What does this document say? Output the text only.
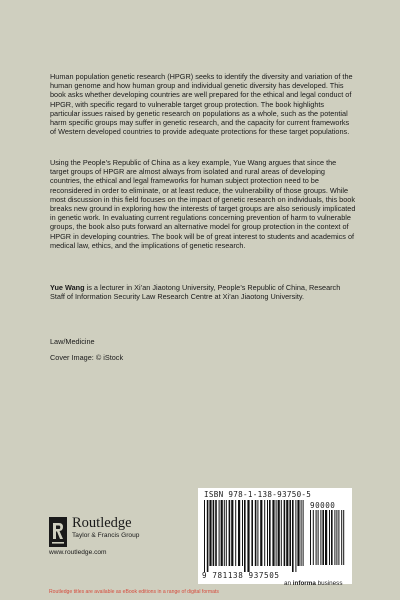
Human population genetic research (HPGR) seeks to identify the diversity and variation of the human genome and how human group and individual genetic diversity has developed. This book asks whether developing countries are well prepared for the ethical and legal conduct of HPGR, with specific regard to vulnerable target group protection. The book highlights particular issues raised by genetic research on populations as a whole, such as the potential harm specific groups may suffer in genetic research, and the capacity for current frameworks of Western developed countries to provide adequate protections for these target populations.

Using the People’s Republic of China as a key example, Yue Wang argues that since the target groups of HPGR are almost always from isolated and rural areas of developing countries, the ethical and legal frameworks for human subject protection need to be reconsidered in order to eliminate, or at least reduce, the vulnerability of those groups. While most discussion in this field focuses on the impact of genetic research on individuals, this book breaks new ground in exploring how the interests of target groups are also seriously implicated in genetic work. In evaluating current regulations concerning prevention of harm to vulnerable groups, the book also puts forward an alternative model for group protection in the context of HPGR in developing countries. The book will be of great interest to students and academics of medical law, ethics, and the implications of genetic research.

Yue Wang is a lecturer in Xi’an Jiaotong University, People’s Republic of China, Research Staff of Information Security Law Research Centre at Xi’an Jiaotong University.

Law/Medicine
Cover Image: © iStock
ISBN 978-1-138-93750-5
90000
9 781138 937505
Routledge
Taylor & Francis Group
www.routledge.com
an informa business
Routledge titles are available as eBook editions in a range of digital formats
